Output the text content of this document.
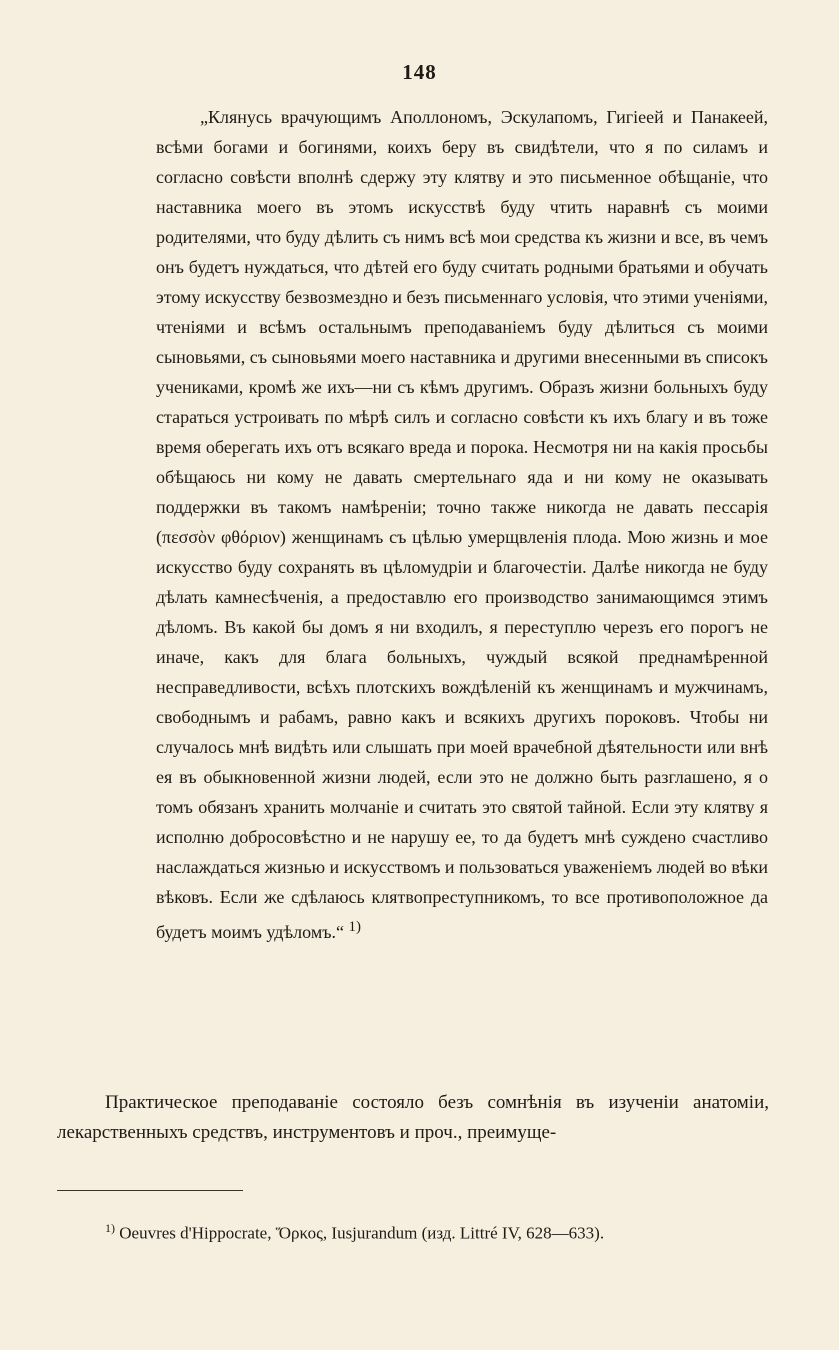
148

„Клянусь врачующимъ Аполлономъ, Эскулапомъ, Гигіеей и Панакеей, всѣми богами и богинями, коихъ беру въ свидѣтели, что я по силамъ и согласно совѣсти вполнѣ сдержу эту клятву и это письменное обѣщаніе, что наставника моего въ этомъ искусствѣ буду чтить наравнѣ съ моими родителями, что буду дѣлить съ нимъ всѣ мои средства къ жизни и все, въ чемъ онъ будетъ нуждаться, что дѣтей его буду считать родными братьями и обучать этому искусству безвозмездно и безъ письменнаго условія, что этими ученіями, чтеніями и всѣмъ остальнымъ преподаваніемъ буду дѣлиться съ моими сыновьями, съ сыновьями моего наставника и другими внесенными въ списокъ учениками, кромѣ же ихъ—ни съ кѣмъ другимъ. Образъ жизни больныхъ буду стараться устроивать по мѣрѣ силъ и согласно совѣсти къ ихъ благу и въ тоже время оберегать ихъ отъ всякаго вреда и порока. Несмотря ни на какія просьбы обѣщаюсь ни кому не давать смертельнаго яда и ни кому не оказывать поддержки въ такомъ намѣреніи; точно также никогда не давать пессарія (πεσσὸν φθόριον) женщинамъ съ цѣлью умерщвленія плода. Мою жизнь и мое искусство буду сохранять въ цѣломудріи и благочестіи. Далѣе никогда не буду дѣлать камнесѣченія, а предоставлю его производство занимающимся этимъ дѣломъ. Въ какой бы домъ я ни входилъ, я переступлю черезъ его порогъ не иначе, какъ для блага больныхъ, чуждый всякой преднамѣренной несправедливости, всѣхъ плотскихъ вождѣленій къ женщинамъ и мужчинамъ, свободнымъ и рабамъ, равно какъ и всякихъ другихъ пороковъ. Чтобы ни случалось мнѣ видѣть или слышать при моей врачебной дѣятельности или внѣ ея въ обыкновенной жизни людей, если это не должно быть разглашено, я о томъ обязанъ хранить молчаніе и считать это святой тайной. Если эту клятву я исполню добросовѣстно и не нарушу ее, то да будетъ мнѣ суждено счастливо наслаждаться жизнью и искусствомъ и пользоваться уваженіемъ людей во вѣки вѣковъ. Если же сдѣлаюсь клятвопреступникомъ, то все противоположное да будетъ моимъ удѣломъ.“ $^{1)}$

Практическое преподаваніе состояло безъ сомнѣнія въ изученіи анатоміи, лекарственныхъ средствъ, инструментовъ и проч., преимуще-

$^{1)}$ Oeuvres d'Hippocrate, Ὅρκος, Iusjurandum (изд. Littré IV, 628—633).
